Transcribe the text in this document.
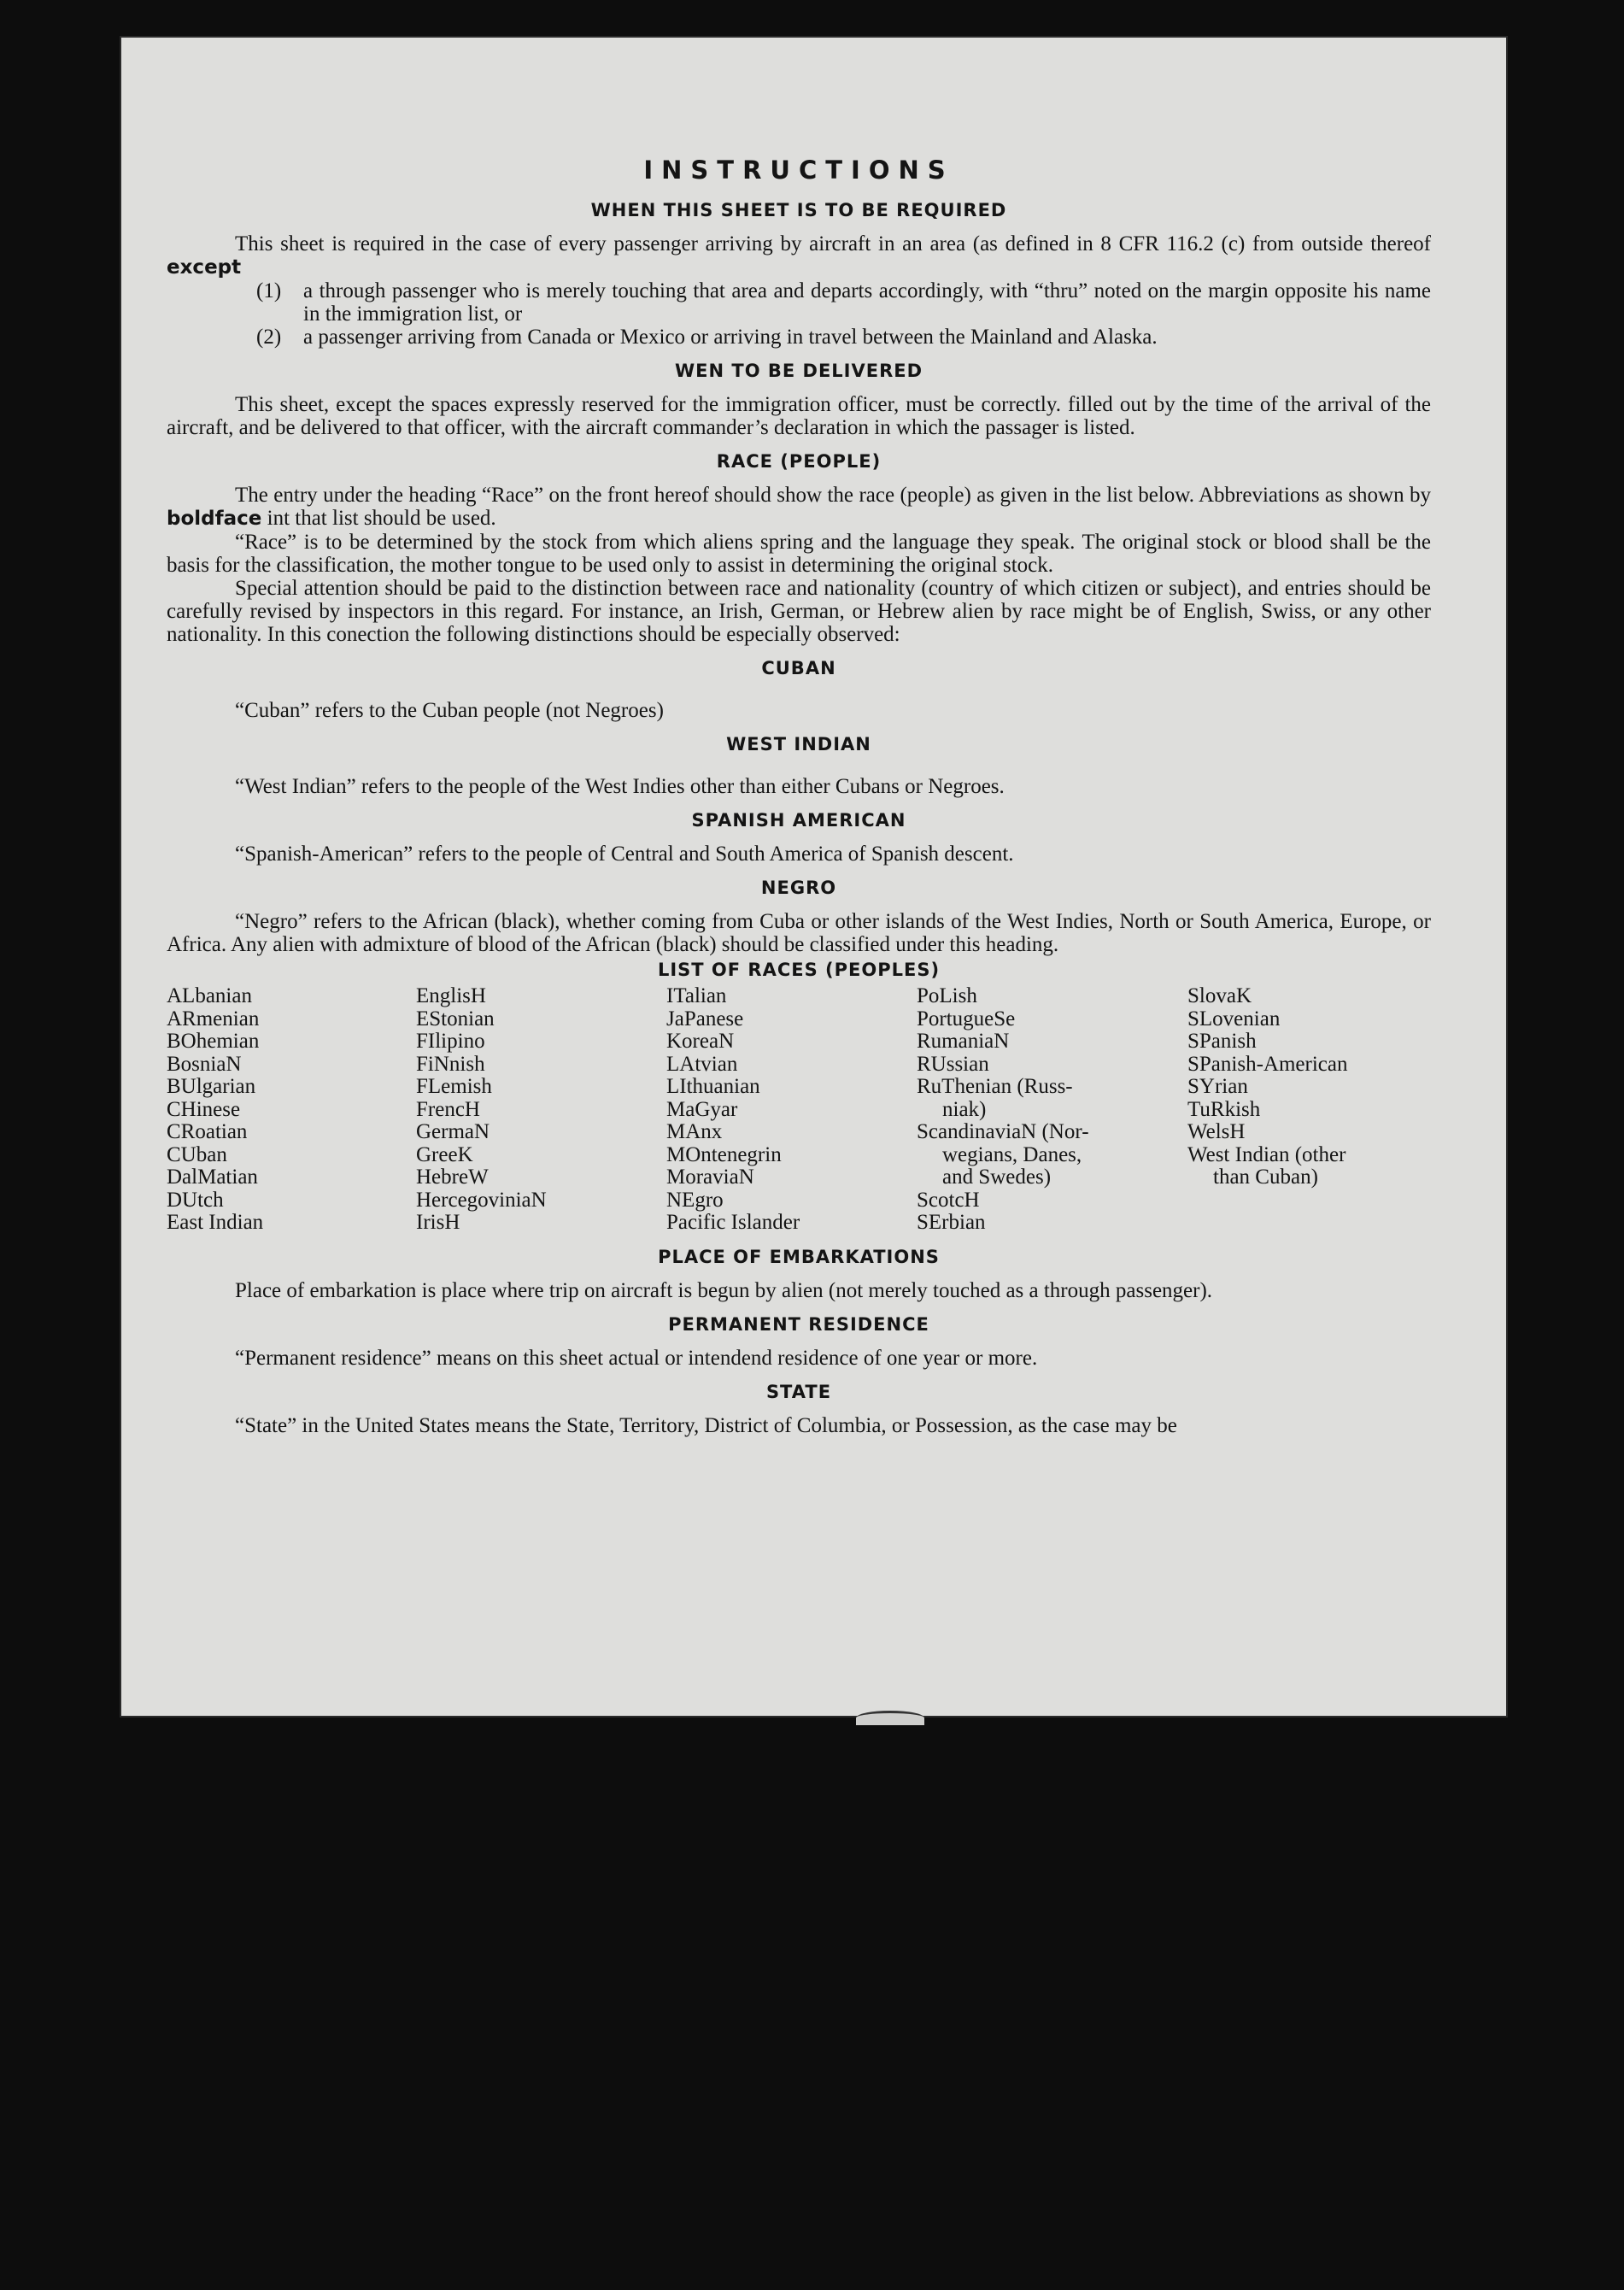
INSTRUCTIONS
WHEN THIS SHEET IS TO BE REQUIRED

This sheet is required in the case of every passenger arriving by aircraft in an area (as defined in 8 CFR 116.2 (c) from outside thereof except

(1)	a through passenger who is merely touching that area and departs accordingly, with “thru” noted on the margin opposite his name in the immigration list, or
(2)	a passenger arriving from Canada or Mexico or arriving in travel between the Mainland and Alaska.
WEN TO BE DELIVERED

This sheet, except the spaces expressly reserved for the immigration officer, must be correctly. filled out by the time of the arrival of the aircraft, and be delivered to that officer, with the aircraft commander’s declaration in which the passager is listed.

RACE (PEOPLE)

The entry under the heading “Race” on the front hereof should show the race (people) as given in the list below. Abbreviations as shown by boldface int that list should be used.

“Race” is to be determined by the stock from which aliens spring and the language they speak. The original stock or blood shall be the basis for the classification, the mother tongue to be used only to assist in determining the original stock.

Special attention should be paid to the distinction between race and nationality (country of which citizen or subject), and entries should be carefully revised by inspectors in this regard. For instance, an Irish, German, or Hebrew alien by race might be of English, Swiss, or any other nationality. In this conection the following distinctions should be especially observed:

CUBAN

“Cuban” refers to the Cuban people (not Negroes)

WEST INDIAN

“West Indian” refers to the people of the West Indies other than either Cubans or Negroes.

SPANISH AMERICAN

“Spanish-American” refers to the people of Central and South America of Spanish descent.

NEGRO

“Negro” refers to the African (black), whether coming from Cuba or other islands of the West Indies, North or South America, Europe, or Africa. Any alien with admixture of blood of the African (black) should be classified under this heading.

LIST OF RACES (PEOPLES)
ALbanian
ARmenian
BOhemian
BosniaN
BUlgarian
CHinese
CRoatian
CUban
DalMatian
DUtch
East Indian
EnglisH
EStonian
FIlipino
FiNnish
FLemish
FrencH
GermaN
GreeK
HebreW
HercegoviniaN
IrisH
ITalian
JaPanese
KoreaN
LAtvian
LIthuanian
MaGyar
MAnx
MOntenegrin
MoraviaN
NEgro
Pacific Islander
PoLish
PortugueSe
RumaniaN
RUssian
RuThenian (Russ-
niak)
ScandinaviaN (Nor-
wegians, Danes,
and Swedes)
ScotcH
SErbian
SlovaK
SLovenian
SPanish
SPanish-American
SYrian
TuRkish
WelsH
West Indian (other
than Cuban)
PLACE OF EMBARKATIONS

Place of embarkation is place where trip on aircraft is begun by alien (not merely touched as a through passenger).

PERMANENT RESIDENCE

“Permanent residence” means on this sheet actual or intendend residence of one year or more.

STATE

“State” in the United States means the State, Territory, District of Columbia, or Possession, as the case may be
